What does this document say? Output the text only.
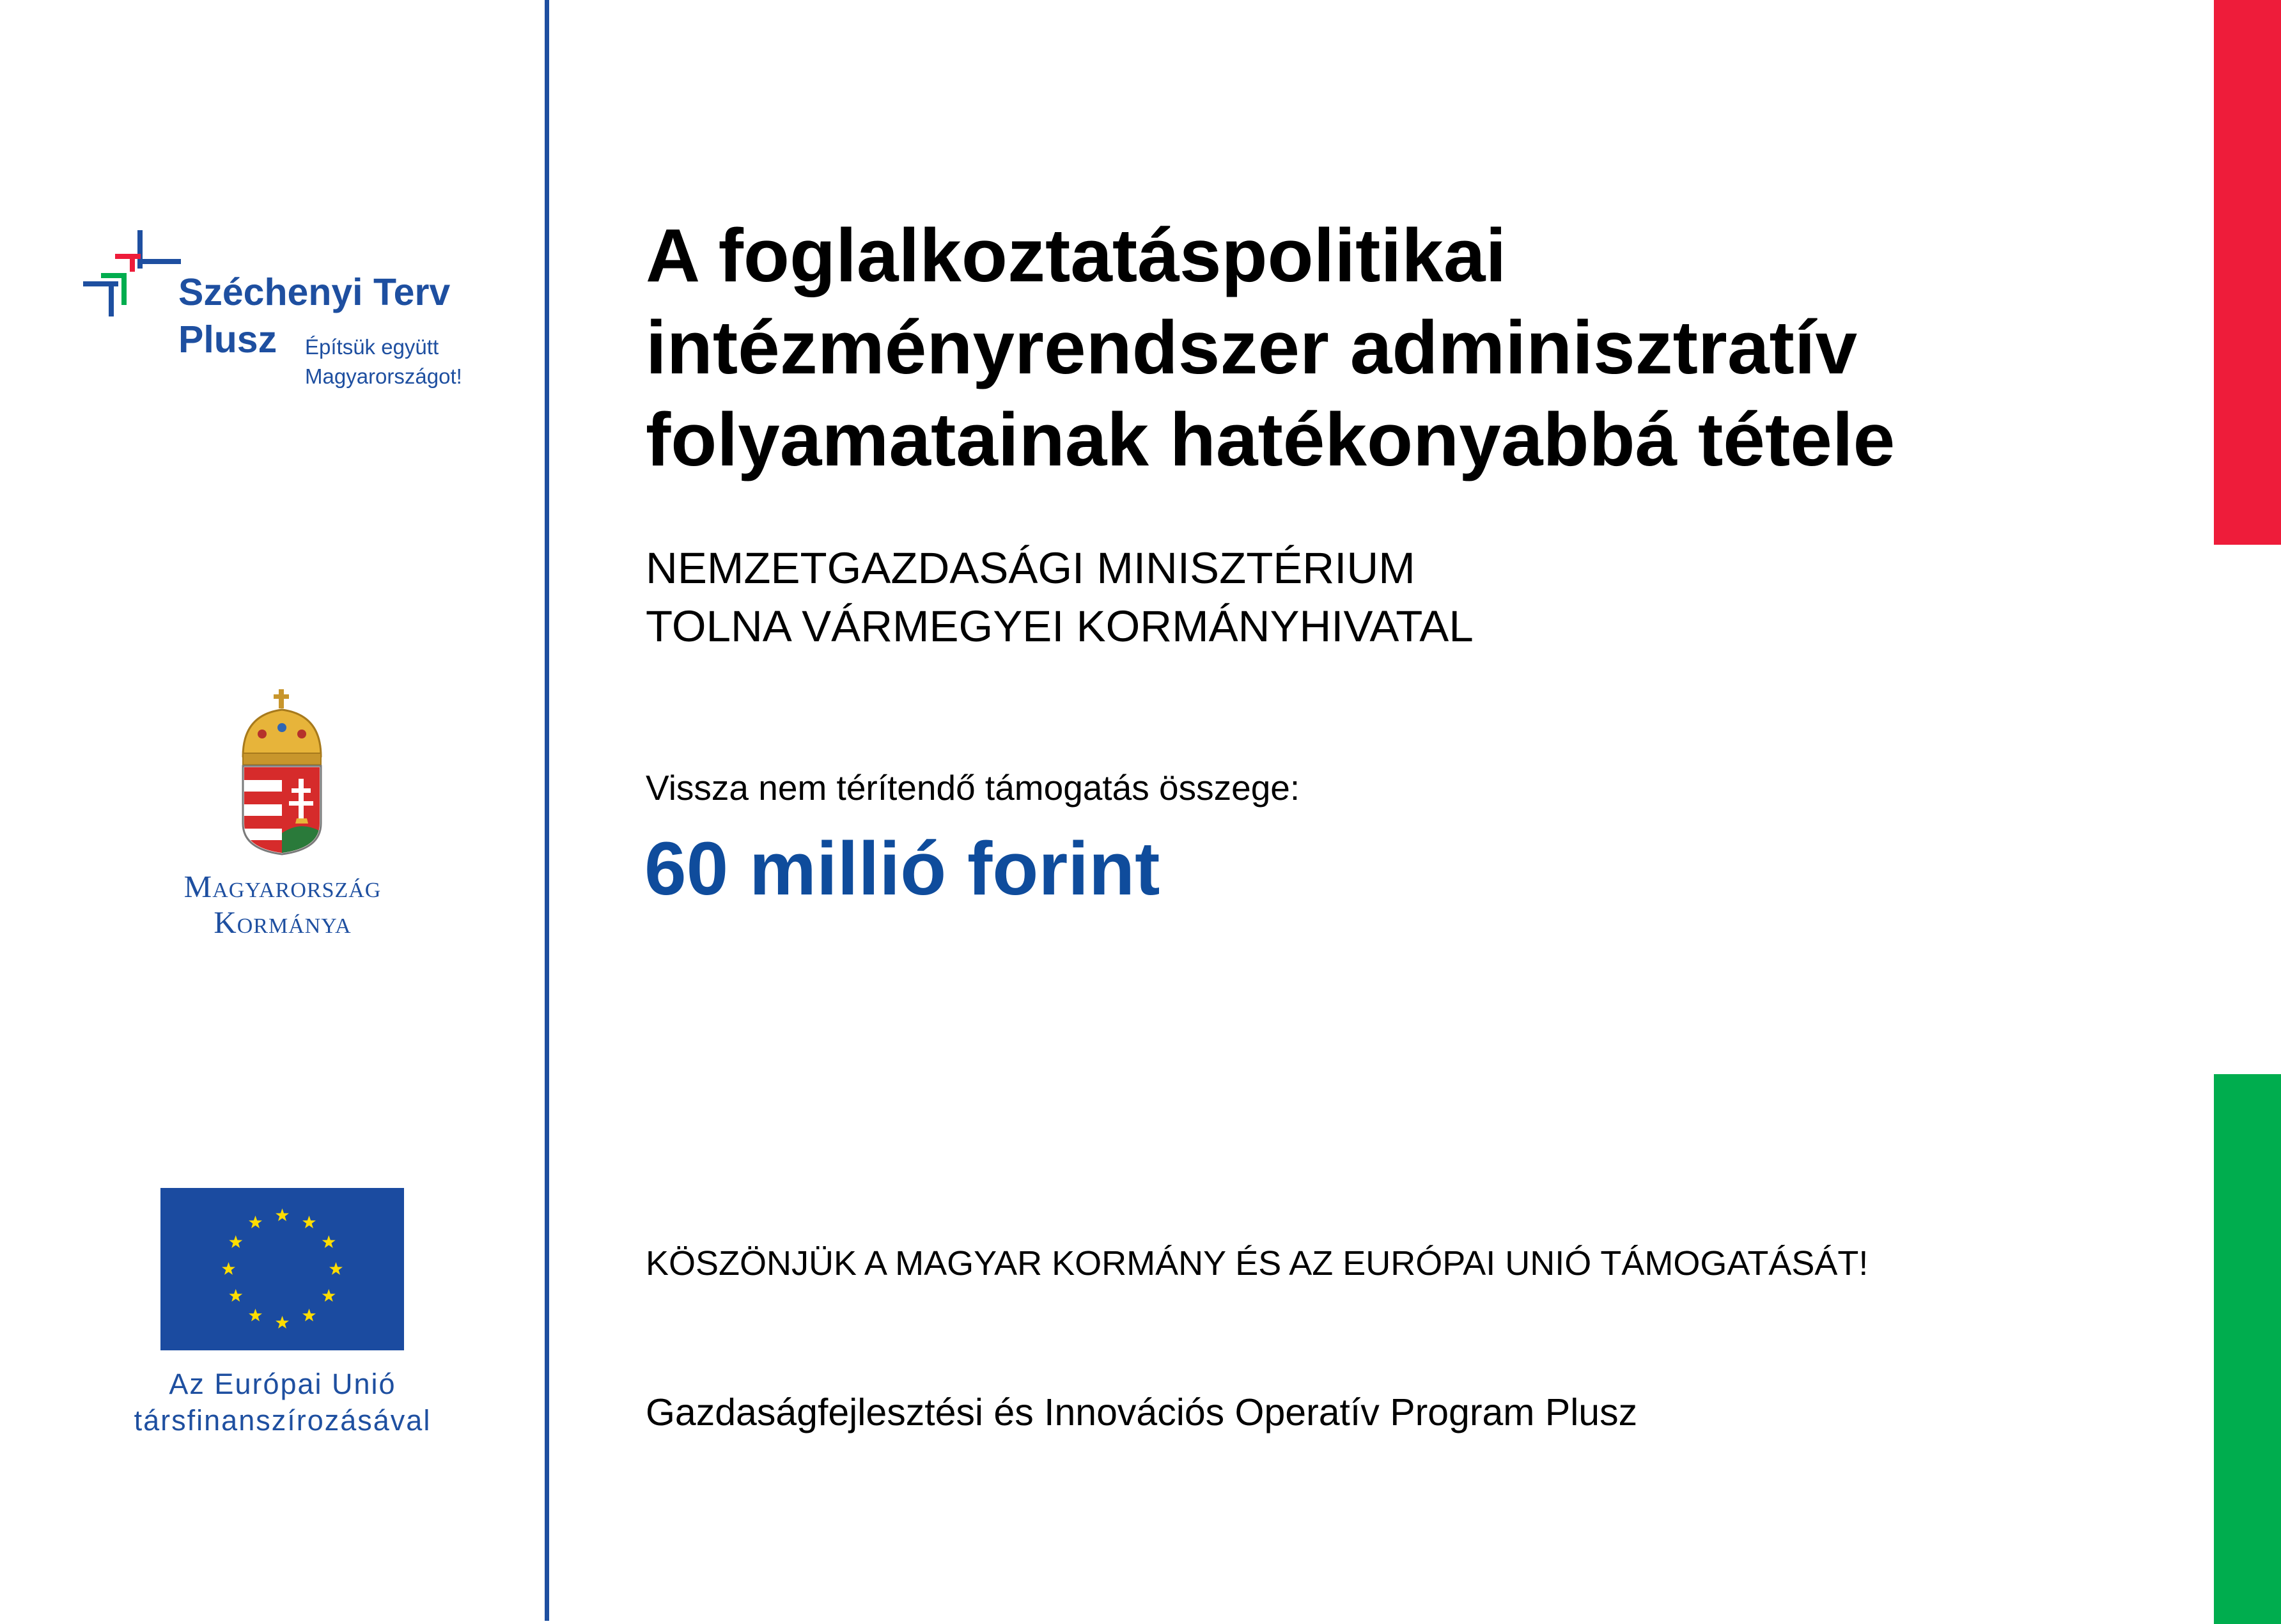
Széchenyi Terv
Plusz Építsük együtt
Magyarországot!
Magyarország
Kormánya
Az Európai Unió
társfinanszírozásával
A foglalkoztatáspolitikai
intézményrendszer adminisztratív
folyamatainak hatékonyabbá tétele
NEMZETGAZDASÁGI MINISZTÉRIUM
TOLNA VÁRMEGYEI KORMÁNYHIVATAL
Vissza nem térítendő támogatás összege:
60 millió forint
KÖSZÖNJÜK A MAGYAR KORMÁNY ÉS AZ EURÓPAI UNIÓ TÁMOGATÁSÁT!
Gazdaságfejlesztési és Innovációs Operatív Program Plusz
